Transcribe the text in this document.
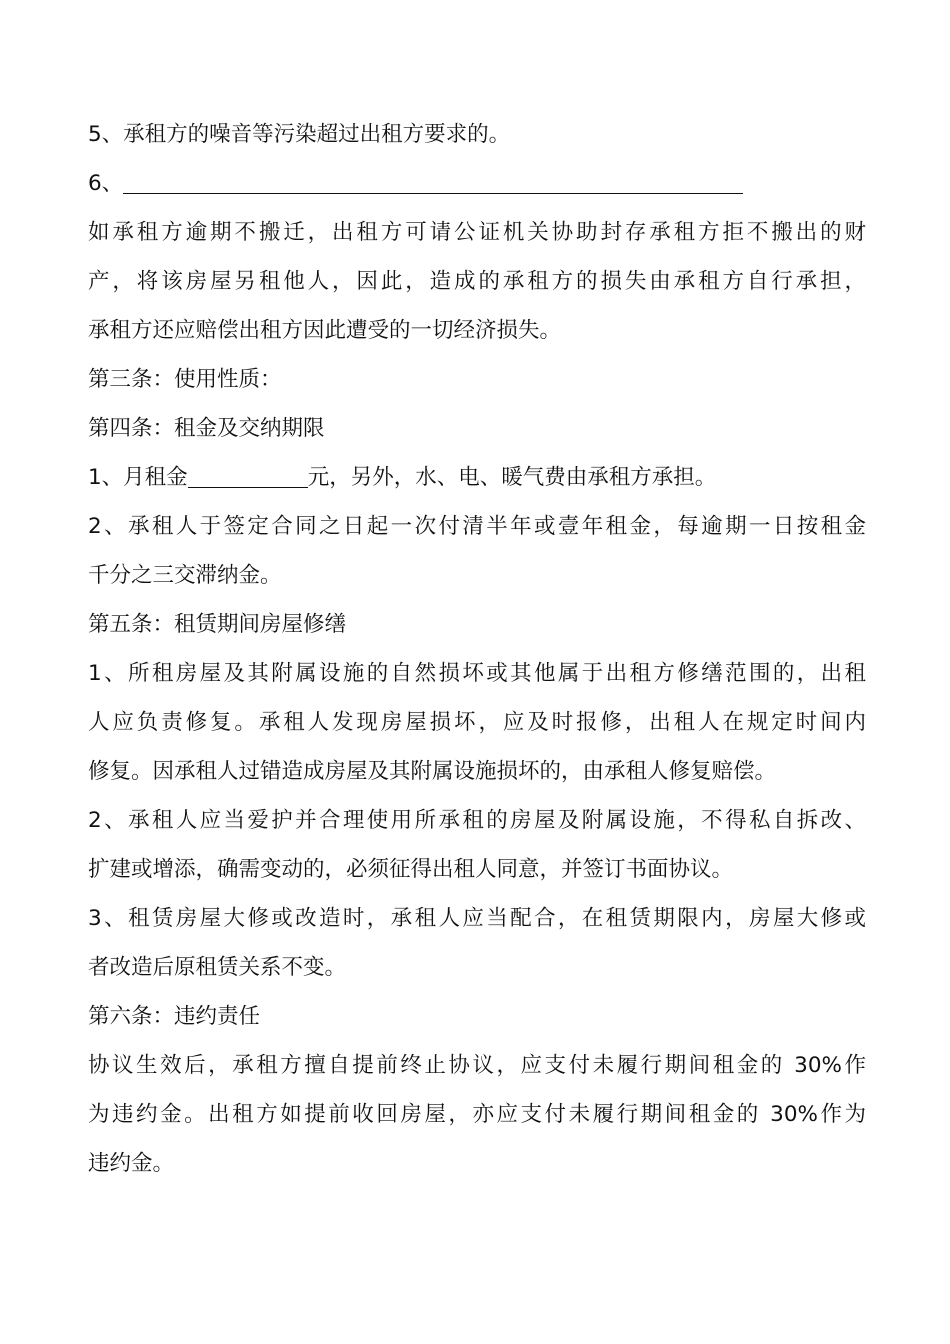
5、承租方的噪音等污染超过出租方要求的。
6、
如承租方逾期不搬迁，出租方可请公证机关协助封存承租方拒不搬出的财
产，将该房屋另租他人，因此，造成的承租方的损失由承租方自行承担，
承租方还应赔偿出租方因此遭受的一切经济损失。
第三条：使用性质：
第四条：租金及交纳期限
1、月租金	元，另外，水、电、暖气费由承租方承担。
2、承租人于签定合同之日起一次付清半年或壹年租金，每逾期一日按租金
千分之三交滞纳金。
第五条：租赁期间房屋修缮
1、所租房屋及其附属设施的自然损坏或其他属于出租方修缮范围的，出租
人应负责修复。承租人发现房屋损坏，应及时报修，出租人在规定时间内
修复。因承租人过错造成房屋及其附属设施损坏的，由承租人修复赔偿。
2、承租人应当爱护并合理使用所承租的房屋及附属设施，不得私自拆改、
扩建或增添，确需变动的，必须征得出租人同意，并签订书面协议。
3、租赁房屋大修或改造时，承租人应当配合，在租赁期限内，房屋大修或
者改造后原租赁关系不变。
第六条：违约责任
协议生效后，承租方擅自提前终止协议，应支付未履行期间租金的 30%作
为违约金。出租方如提前收回房屋，亦应支付未履行期间租金的 30%作为
违约金。
